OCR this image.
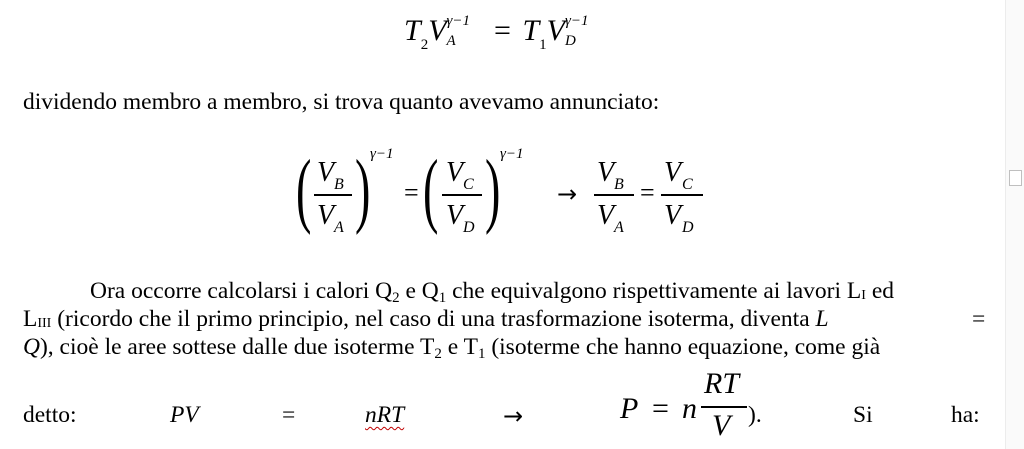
$T_2V$ γ−1
$A = T_1V$ γ−1
D
dividendo membro a membro, si trova quanto avevamo annunciato:
( V B
V A ) γ−1
= ( V C
V D ) γ−1
→
V B
V A
=
V C
V D
Ora occorre calcolarsi i calori Q2 e Q1 che equivalgono rispettivamente ai lavori LI ed
LIII (ricordo che il primo principio, nel caso di una trasformazione isoterma, diventa L	=
Q), cioè le aree sottese dalle due isoterme T2 e T1 (isoterme che hanno equazione, come già
detto:	PV	=	nRT	→	P = n
RT
V ).	Si	ha:
